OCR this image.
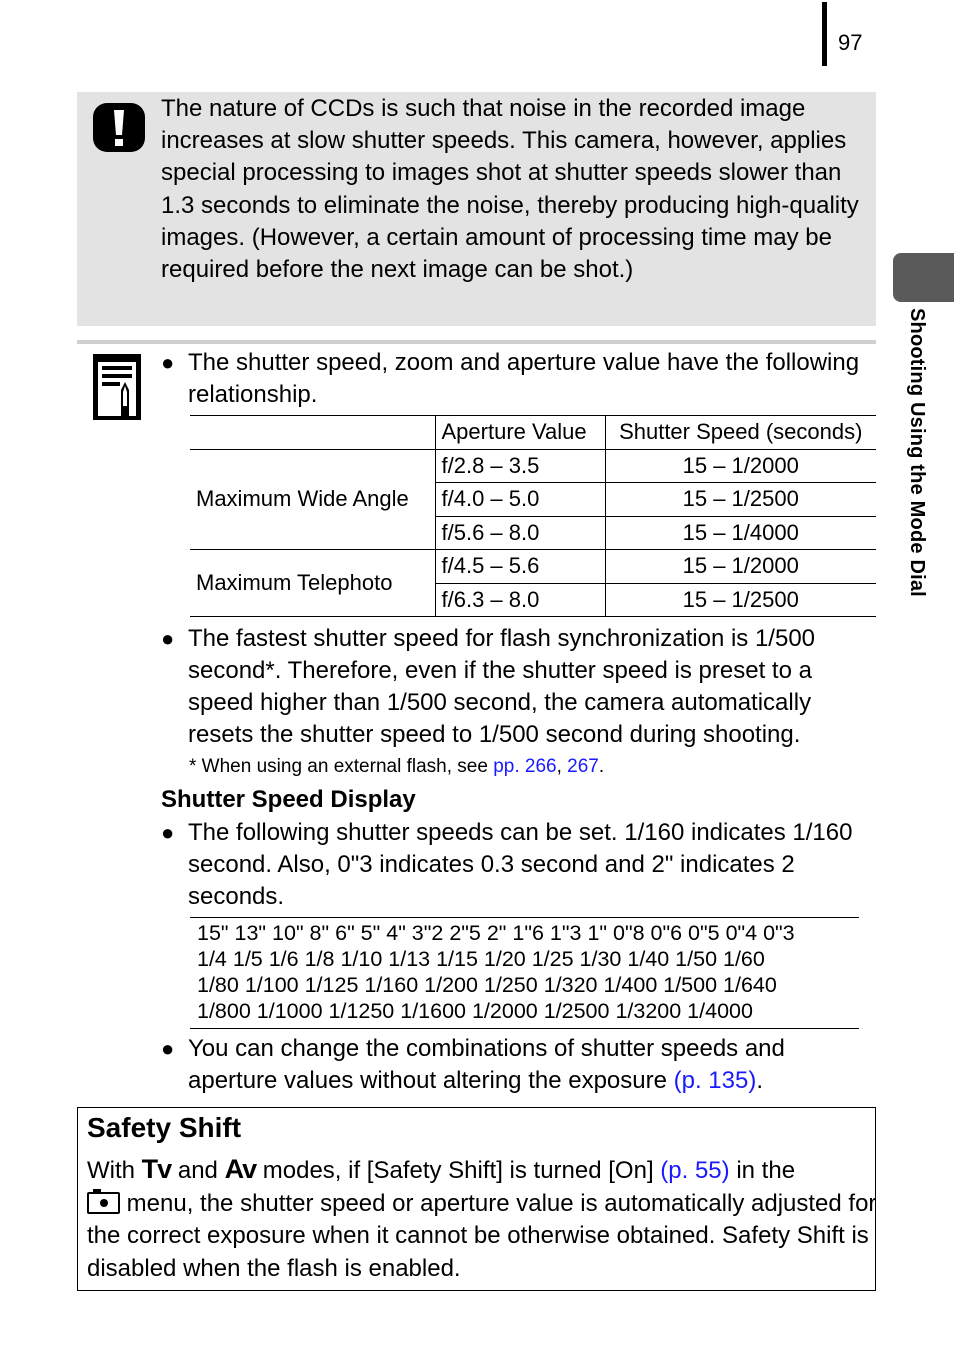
97
Shooting Using the Mode Dial
The nature of CCDs is such that noise in the recorded image increases at slow shutter speeds. This camera, however, applies special processing to images shot at shutter speeds slower than 1.3 seconds to eliminate the noise, thereby producing high-quality images. (However, a certain amount of processing time may be required before the next image can be shot.)
● The shutter speed, zoom and aperture value have the following relationship.
	Aperture Value	Shutter Speed (seconds)
Maximum Wide Angle	f/2.8 – 3.5	15 – 1/2000
	f/4.0 – 5.0	15 – 1/2500
	f/5.6 – 8.0	15 – 1/4000
Maximum Telephoto	f/4.5 – 5.6	15 – 1/2000
	f/6.3 – 8.0	15 – 1/2500
● The fastest shutter speed for flash synchronization is 1/500 second*. Therefore, even if the shutter speed is preset to a speed higher than 1/500 second, the camera automatically resets the shutter speed to 1/500 second during shooting.
* When using an external flash, see pp. 266, 267.
Shutter Speed Display
● The following shutter speeds can be set. 1/160 indicates 1/160 second. Also, 0"3 indicates 0.3 second and 2" indicates 2 seconds.
15" 13" 10" 8" 6" 5" 4" 3"2 2"5 2" 1"6 1"3 1" 0"8 0"6 0"5 0"4 0"3
1/4 1/5 1/6 1/8 1/10 1/13 1/15 1/20 1/25 1/30 1/40 1/50 1/60
1/80 1/100 1/125 1/160 1/200 1/250 1/320 1/400 1/500 1/640
1/800 1/1000 1/1250 1/1600 1/2000 1/2500 1/3200 1/4000
● You can change the combinations of shutter speeds and aperture values without altering the exposure (p. 135).
Safety Shift
With Tv and Av modes, if [Safety Shift] is turned [On] (p. 55) in the
menu, the shutter speed or aperture value is automatically adjusted for the correct exposure when it cannot be otherwise obtained. Safety Shift is disabled when the flash is enabled.
